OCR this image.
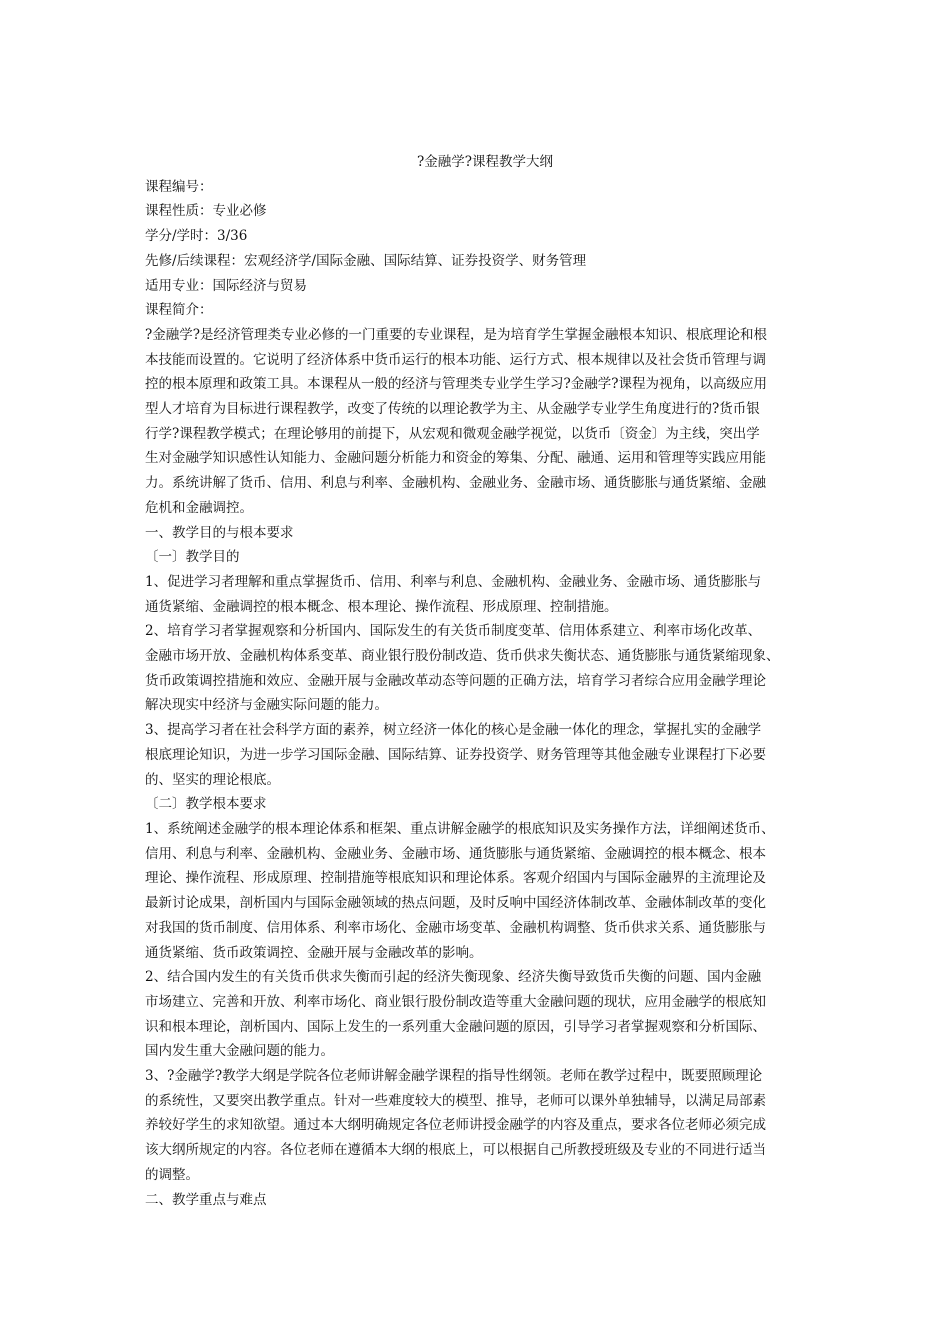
?金融学?课程教学大纲

课程编号：

课程性质：专业必修

学分/学时：3/36

先修/后续课程：宏观经济学/国际金融、国际结算、证券投资学、财务管理

适用专业：国际经济与贸易

课程简介：

?金融学?是经济管理类专业必修的一门重要的专业课程，是为培育学生掌握金融根本知识、根底理论和根
本技能而设置的。它说明了经济体系中货币运行的根本功能、运行方式、根本规律以及社会货币管理与调
控的根本原理和政策工具。本课程从一般的经济与管理类专业学生学习?金融学?课程为视角，以高级应用
型人才培育为目标进行课程教学，改变了传统的以理论教学为主、从金融学专业学生角度进行的?货币银
行学?课程教学模式；在理论够用的前提下，从宏观和微观金融学视觉，以货币〔资金〕为主线，突出学
生对金融学知识感性认知能力、金融问题分析能力和资金的筹集、分配、融通、运用和管理等实践应用能
力。系统讲解了货币、信用、利息与利率、金融机构、金融业务、金融市场、通货膨胀与通货紧缩、金融
危机和金融调控。

一、教学目的与根本要求

〔一〕教学目的

1、促进学习者理解和重点掌握货币、信用、利率与利息、金融机构、金融业务、金融市场、通货膨胀与
通货紧缩、金融调控的根本概念、根本理论、操作流程、形成原理、控制措施。
2、培育学习者掌握观察和分析国内、国际发生的有关货币制度变革、信用体系建立、利率市场化改革、
金融市场开放、金融机构体系变革、商业银行股份制改造、货币供求失衡状态、通货膨胀与通货紧缩现象、
货币政策调控措施和效应、金融开展与金融改革动态等问题的正确方法，培育学习者综合应用金融学理论
解决现实中经济与金融实际问题的能力。
3、提高学习者在社会科学方面的素养，树立经济一体化的核心是金融一体化的理念，掌握扎实的金融学
根底理论知识，为进一步学习国际金融、国际结算、证券投资学、财务管理等其他金融专业课程打下必要
的、坚实的理论根底。

〔二〕教学根本要求

1、系统阐述金融学的根本理论体系和框架、重点讲解金融学的根底知识及实务操作方法，详细阐述货币、
信用、利息与利率、金融机构、金融业务、金融市场、通货膨胀与通货紧缩、金融调控的根本概念、根本
理论、操作流程、形成原理、控制措施等根底知识和理论体系。客观介绍国内与国际金融界的主流理论及
最新讨论成果，剖析国内与国际金融领域的热点问题，及时反响中国经济体制改革、金融体制改革的变化
对我国的货币制度、信用体系、利率市场化、金融市场变革、金融机构调整、货币供求关系、通货膨胀与
通货紧缩、货币政策调控、金融开展与金融改革的影响。
2、结合国内发生的有关货币供求失衡而引起的经济失衡现象、经济失衡导致货币失衡的问题、国内金融
市场建立、完善和开放、利率市场化、商业银行股份制改造等重大金融问题的现状，应用金融学的根底知
识和根本理论，剖析国内、国际上发生的一系列重大金融问题的原因，引导学习者掌握观察和分析国际、
国内发生重大金融问题的能力。
3、?金融学?教学大纲是学院各位老师讲解金融学课程的指导性纲领。老师在教学过程中，既要照顾理论
的系统性，又要突出教学重点。针对一些难度较大的模型、推导，老师可以课外单独辅导，以满足局部素
养较好学生的求知欲望。通过本大纲明确规定各位老师讲授金融学的内容及重点，要求各位老师必须完成
该大纲所规定的内容。各位老师在遵循本大纲的根底上，可以根据自己所教授班级及专业的不同进行适当
的调整。

二、教学重点与难点
